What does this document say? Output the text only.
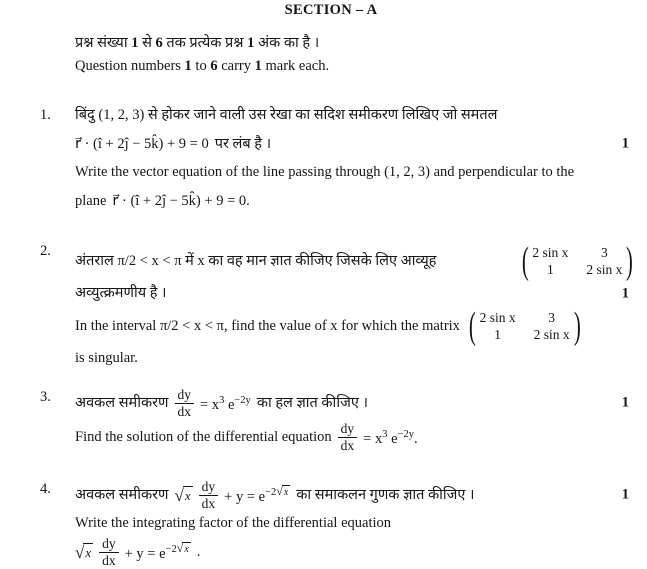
SECTION – A
प्रश्न संख्या 1 से 6 तक प्रत्येक प्रश्न 1 अंक का है ।
Question numbers 1 to 6 carry 1 mark each.
1.	बिंदु (1, 2, 3) से होकर जाने वाली उस रेखा का सदिश समीकरण लिखिए जो समतल
r⃗ · (î + 2ĵ − 5k̂) + 9 = 0 पर लंब है ।	1
Write the vector equation of the line passing through (1, 2, 3) and perpendicular to the
plane r⃗ · (î + 2ĵ − 5k̂) + 9 = 0.
2.
अंतराल π/2 < x < π में x का वह मान ज्ञात कीजिए जिसके लिए आव्यूह ( 2 sin x	3
1	2 sin x )
अव्युत्क्रमणीय है ।	1
In the interval π/2 < x < π, find the value of x for which the matrix ( 2 sin x	3
1	2 sin x )
is singular.
3.	अवकल समीकरण $\frac{dy}{dx} = x^3$ $e^{-2y}$ का हल ज्ञात कीजिए ।	1
Find the solution of the differential equation $\frac{dy}{dx} = x^3$ $e^{-2y}$.
4.	अवकल समीकरण √ x $\frac{dy}{dx} + y = e^{-2 √ x}$ का समाकलन गुणक ज्ञात कीजिए ।	1
Write the integrating factor of the differential equation
√ x $\frac{dy}{dx} + y = e^{-2 √ x}$ .
